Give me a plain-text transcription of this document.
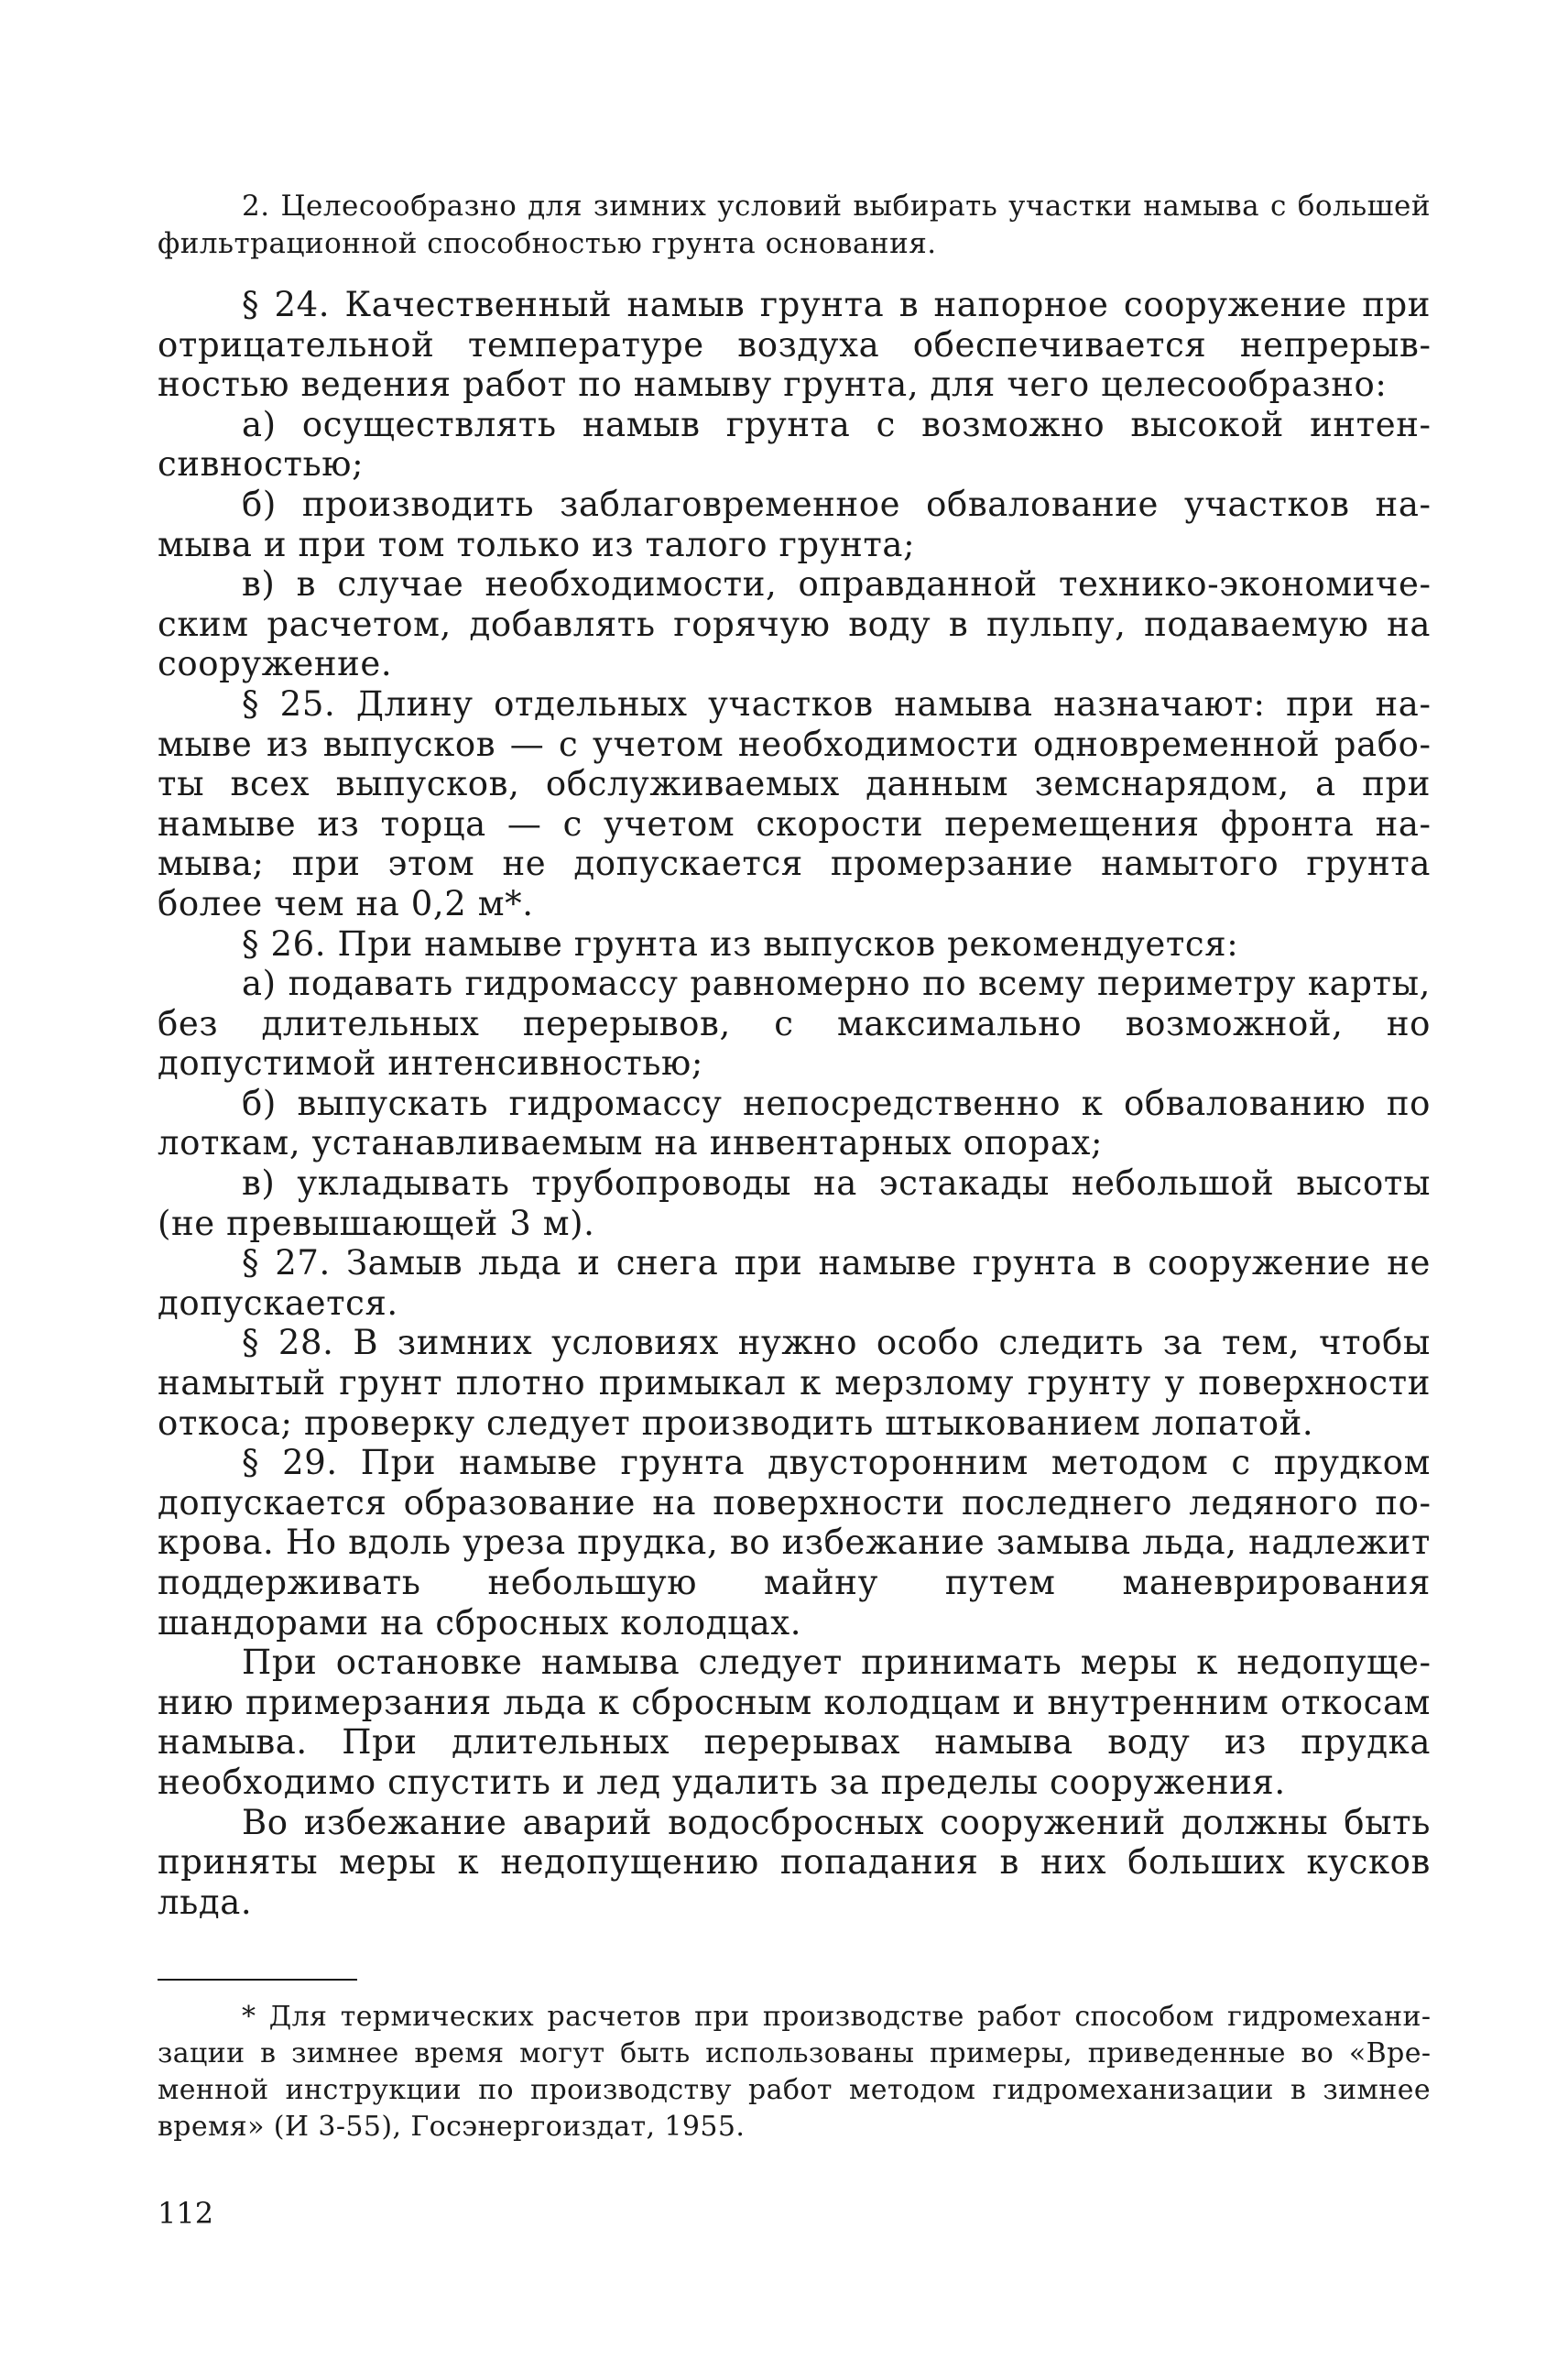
2. Целесообразно для зимних условий выбирать участки намыва с большей фильтрационной способностью грунта основания.

§ 24. Качественный намыв грунта в напорное сооружение при отрицательной температуре воздуха обеспечивается непрерывностью ведения работ по намыву грунта, для чего целесообразно:

а) осуществлять намыв грунта с возможно высокой интенсивностью;

б) производить заблаговременное обвалование участков намыва и при том только из талого грунта;

в) в случае необходимости, оправданной технико-экономическим расчетом, добавлять горячую воду в пульпу, подаваемую на сооружение.

§ 25. Длину отдельных участков намыва назначают: при намыве из выпусков — с учетом необходимости одновременной работы всех выпусков, обслуживаемых данным земснарядом, а при намыве из торца — с учетом скорости перемещения фронта намыва; при этом не допускается промерзание намытого грунта более чем на 0,2 м*.

§ 26. При намыве грунта из выпусков рекомендуется:

а) подавать гидромассу равномерно по всему периметру карты, без длительных перерывов, с максимально возможной, но допустимой интенсивностью;

б) выпускать гидромассу непосредственно к обвалованию по лоткам, устанавливаемым на инвентарных опорах;

в) укладывать трубопроводы на эстакады небольшой высоты (не превышающей 3 м).

§ 27. Замыв льда и снега при намыве грунта в сооружение не допускается.

§ 28. В зимних условиях нужно особо следить за тем, чтобы намытый грунт плотно примыкал к мерзлому грунту у поверхности откоса; проверку следует производить штыкованием лопатой.

§ 29. При намыве грунта двусторонним методом с прудком допускается образование на поверхности последнего ледяного покрова. Но вдоль уреза прудка, во избежание замыва льда, надлежит поддерживать небольшую майну путем маневрирования шандорами на сбросных колодцах.

При остановке намыва следует принимать меры к недопущению примерзания льда к сбросным колодцам и внутренним откосам намыва. При длительных перерывах намыва воду из прудка необходимо спустить и лед удалить за пределы сооружения.

Во избежание аварий водосбросных сооружений должны быть приняты меры к недопущению попадания в них больших кусков льда.

* Для термических расчетов при производстве работ способом гидромеханизации в зимнее время могут быть использованы примеры, приведенные во «Временной инструкции по производству работ методом гидромеханизации в зимнее время» (И 3-55), Госэнергоиздат, 1955.

112
